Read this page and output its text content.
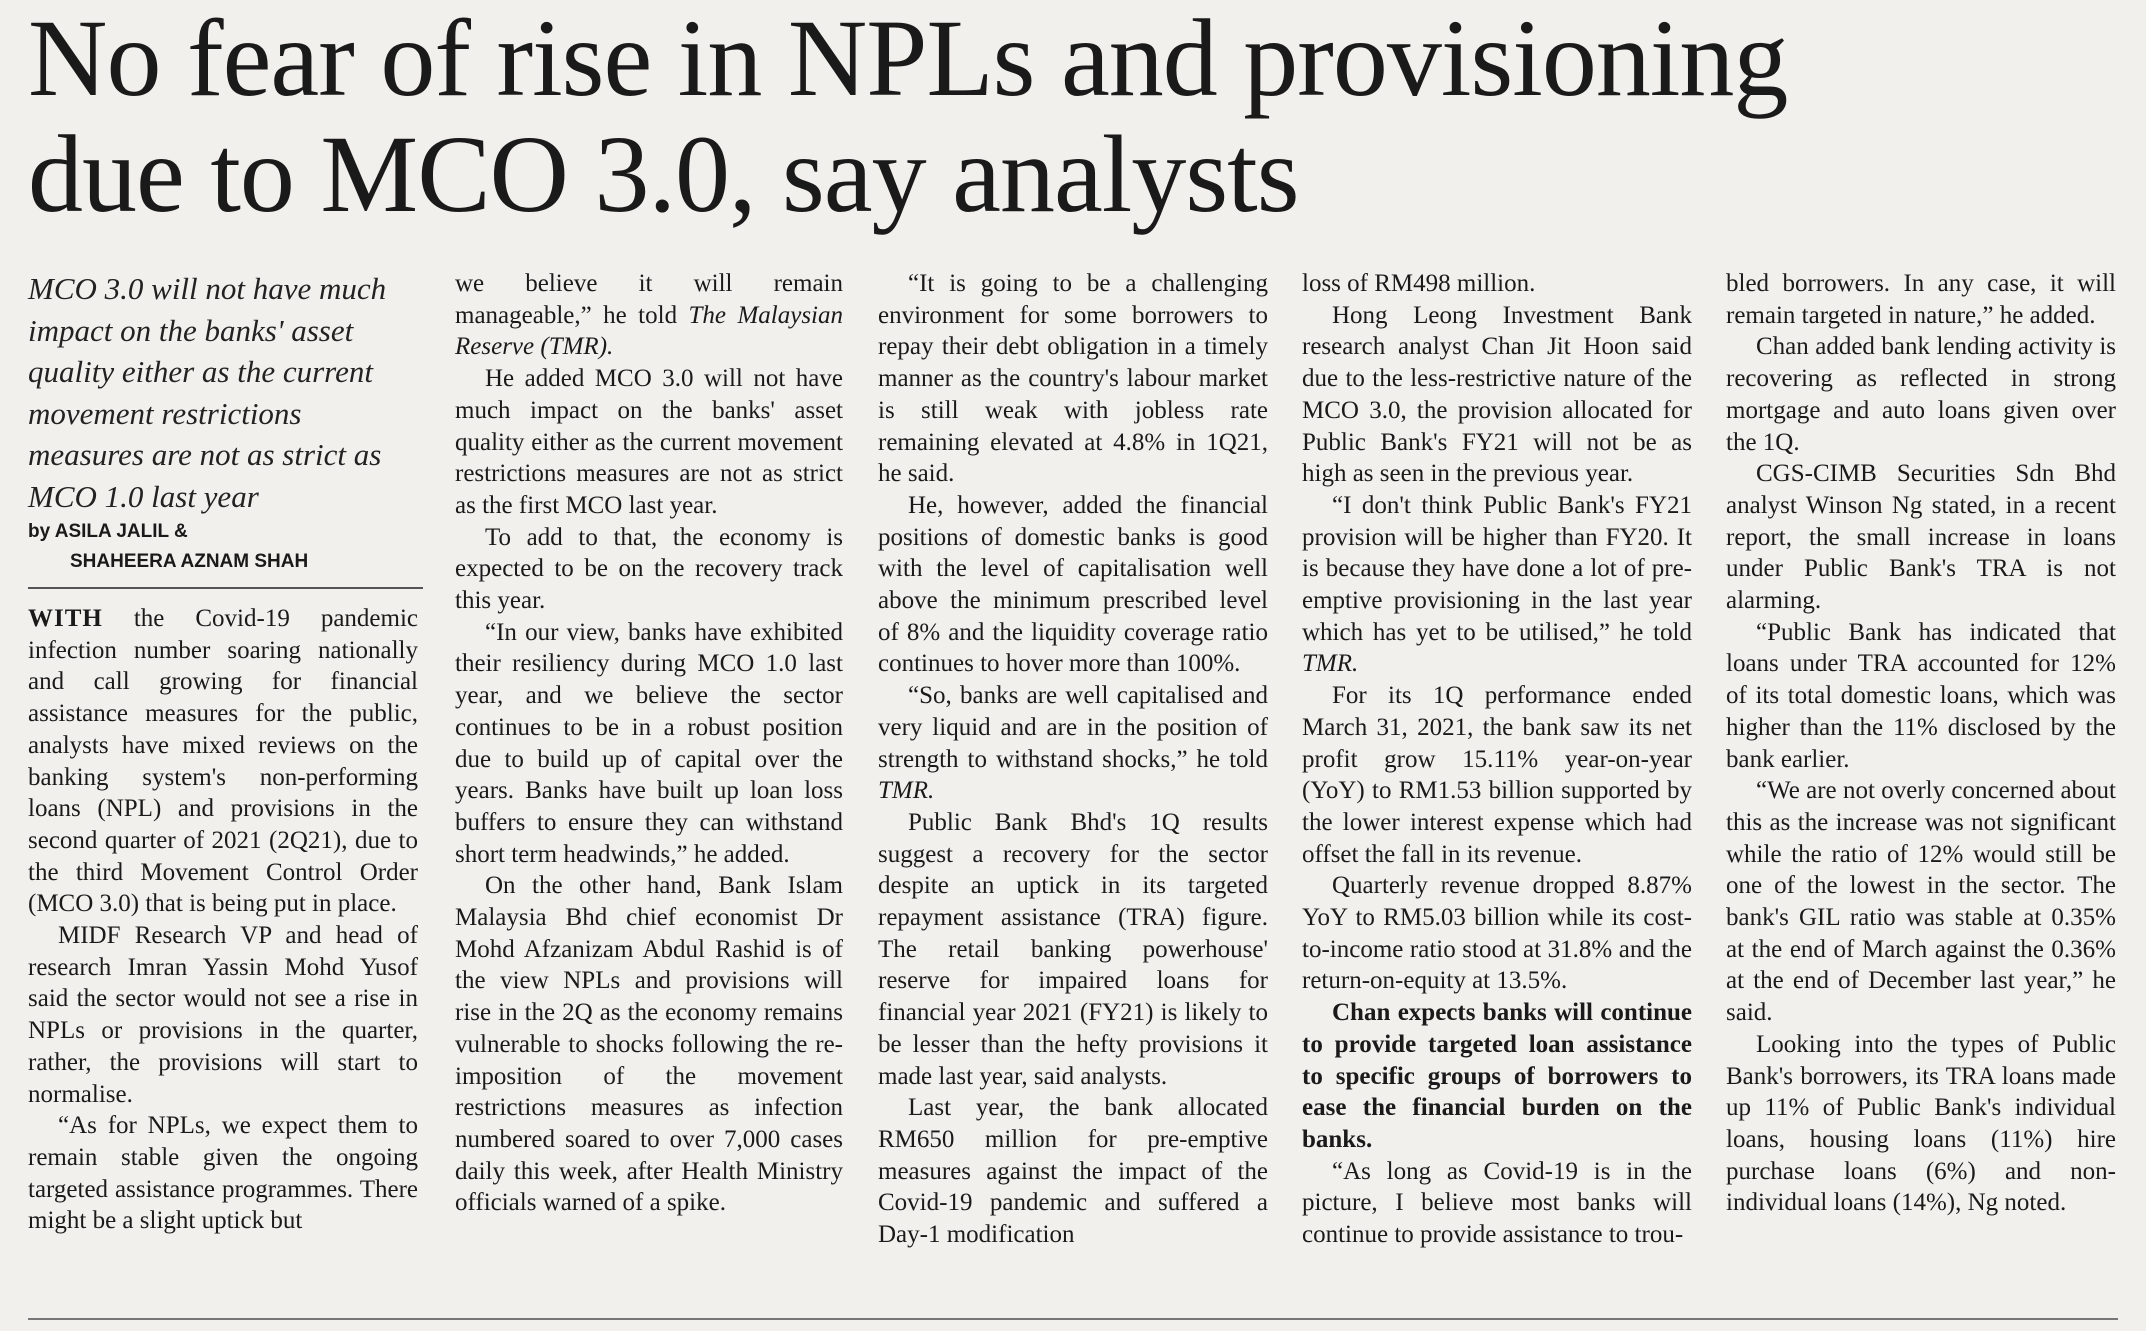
No fear of rise in NPLs and provisioning
due to MCO 3.0, say analysts

MCO 3.0 will not have much impact on the banks' asset quality either as the current movement restrictions measures are not as strict as MCO 1.0 last year

by ASILA JALIL &
SHAHEERA AZNAM SHAH

WITH the Covid-19 pandemic infection number soaring nationally and call growing for financial assistance measures for the public, analysts have mixed reviews on the banking system's non-performing loans (NPL) and provisions in the second quarter of 2021 (2Q21), due to the third Movement Control Order (MCO 3.0) that is being put in place.

MIDF Research VP and head of research Imran Yassin Mohd Yusof said the sector would not see a rise in NPLs or provisions in the quarter, rather, the provisions will start to normalise.

“As for NPLs, we expect them to remain stable given the ongoing targeted assistance programmes. There might be a slight uptick but

we believe it will remain manageable,” he told The Malaysian Reserve (TMR).

He added MCO 3.0 will not have much impact on the banks' asset quality either as the current movement restrictions measures are not as strict as the first MCO last year.

To add to that, the economy is expected to be on the recovery track this year.

“In our view, banks have exhibited their resiliency during MCO 1.0 last year, and we believe the sector continues to be in a robust position due to build up of capital over the years. Banks have built up loan loss buffers to ensure they can withstand short term headwinds,” he added.

On the other hand, Bank Islam Malaysia Bhd chief economist Dr Mohd Afzanizam Abdul Rashid is of the view NPLs and provisions will rise in the 2Q as the economy remains vulnerable to shocks following the re-imposition of the movement restrictions measures as infection numbered soared to over 7,000 cases daily this week, after Health Ministry officials warned of a spike.

“It is going to be a challenging environment for some borrowers to repay their debt obligation in a timely manner as the country's labour market is still weak with jobless rate remaining elevated at 4.8% in 1Q21, he said.

He, however, added the financial positions of domestic banks is good with the level of capitalisation well above the minimum prescribed level of 8% and the liquidity coverage ratio continues to hover more than 100%.

“So, banks are well capitalised and very liquid and are in the position of strength to withstand shocks,” he told TMR.

Public Bank Bhd's 1Q results suggest a recovery for the sector despite an uptick in its targeted repayment assistance (TRA) figure. The retail banking powerhouse' reserve for impaired loans for financial year 2021 (FY21) is likely to be lesser than the hefty provisions it made last year, said analysts.

Last year, the bank allocated RM650 million for pre-emptive measures against the impact of the Covid-19 pandemic and suffered a Day-1 modification

loss of RM498 million.

Hong Leong Investment Bank research analyst Chan Jit Hoon said due to the less-restrictive nature of the MCO 3.0, the provision allocated for Public Bank's FY21 will not be as high as seen in the previous year.

“I don't think Public Bank's FY21 provision will be higher than FY20. It is because they have done a lot of pre-emptive provisioning in the last year which has yet to be utilised,” he told TMR.

For its 1Q performance ended March 31, 2021, the bank saw its net profit grow 15.11% year-on-year (YoY) to RM1.53 billion supported by the lower interest expense which had offset the fall in its revenue.

Quarterly revenue dropped 8.87% YoY to RM5.03 billion while its cost-to-income ratio stood at 31.8% and the return-on-equity at 13.5%.

Chan expects banks will continue to provide targeted loan assistance to specific groups of borrowers to ease the financial burden on the banks.

“As long as Covid-19 is in the picture, I believe most banks will continue to provide assistance to trou-

bled borrowers. In any case, it will remain targeted in nature,” he added.

Chan added bank lending activity is recovering as reflected in strong mortgage and auto loans given over the 1Q.

CGS-CIMB Securities Sdn Bhd analyst Winson Ng stated, in a recent report, the small increase in loans under Public Bank's TRA is not alarming.

“Public Bank has indicated that loans under TRA accounted for 12% of its total domestic loans, which was higher than the 11% disclosed by the bank earlier.

“We are not overly concerned about this as the increase was not significant while the ratio of 12% would still be one of the lowest in the sector. The bank's GIL ratio was stable at 0.35% at the end of March against the 0.36% at the end of December last year,” he said.

Looking into the types of Public Bank's borrowers, its TRA loans made up 11% of Public Bank's individual loans, housing loans (11%) hire purchase loans (6%) and non-individual loans (14%), Ng noted.
